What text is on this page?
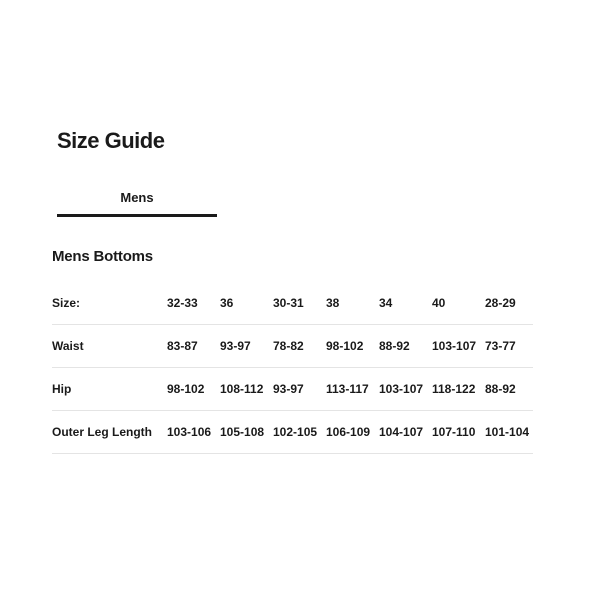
Size Guide
Mens
Mens Bottoms
Size:	32-33	36	30-31	38	34	40	28-29
Waist	83-87	93-97	78-82	98-102	88-92	103-107	73-77
Hip	98-102	108-112	93-97	113-117	103-107	118-122	88-92
Outer Leg Length	103-106	105-108	102-105	106-109	104-107	107-110	101-104
